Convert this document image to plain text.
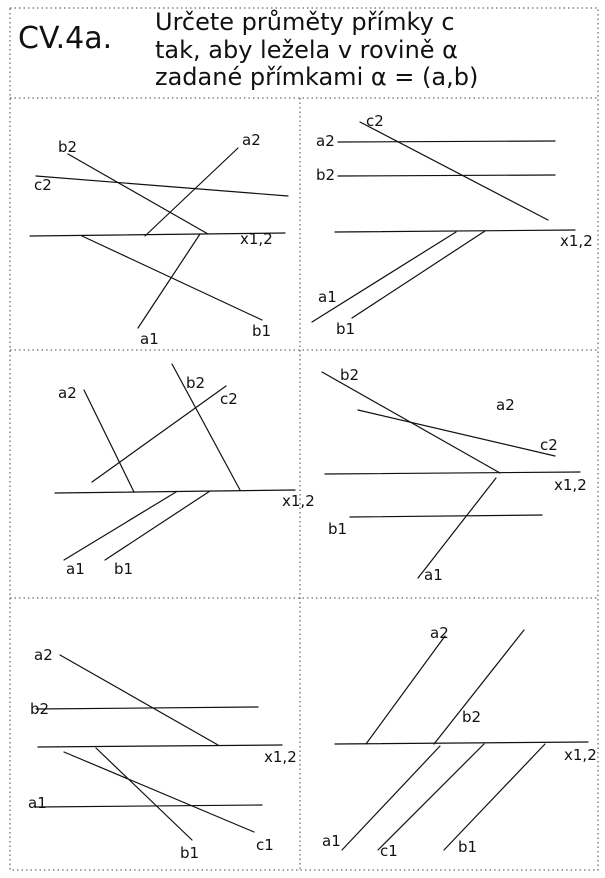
CV.4a. Určete průměty přímky c
tak, aby ležela v rovině α
zadané přímkami α = (a,b)
a2
b2
c2
x1,2
a1	b1
c2
a2
b2
x1,2
a1
b1
a2
b2
c2
x1,2
a1 b1
b2
a2
c2
x1,2
b1
a1
a2
b2
x1,2
a1
c1
b1
a2
b2
x1,2
a1
c1	b1
